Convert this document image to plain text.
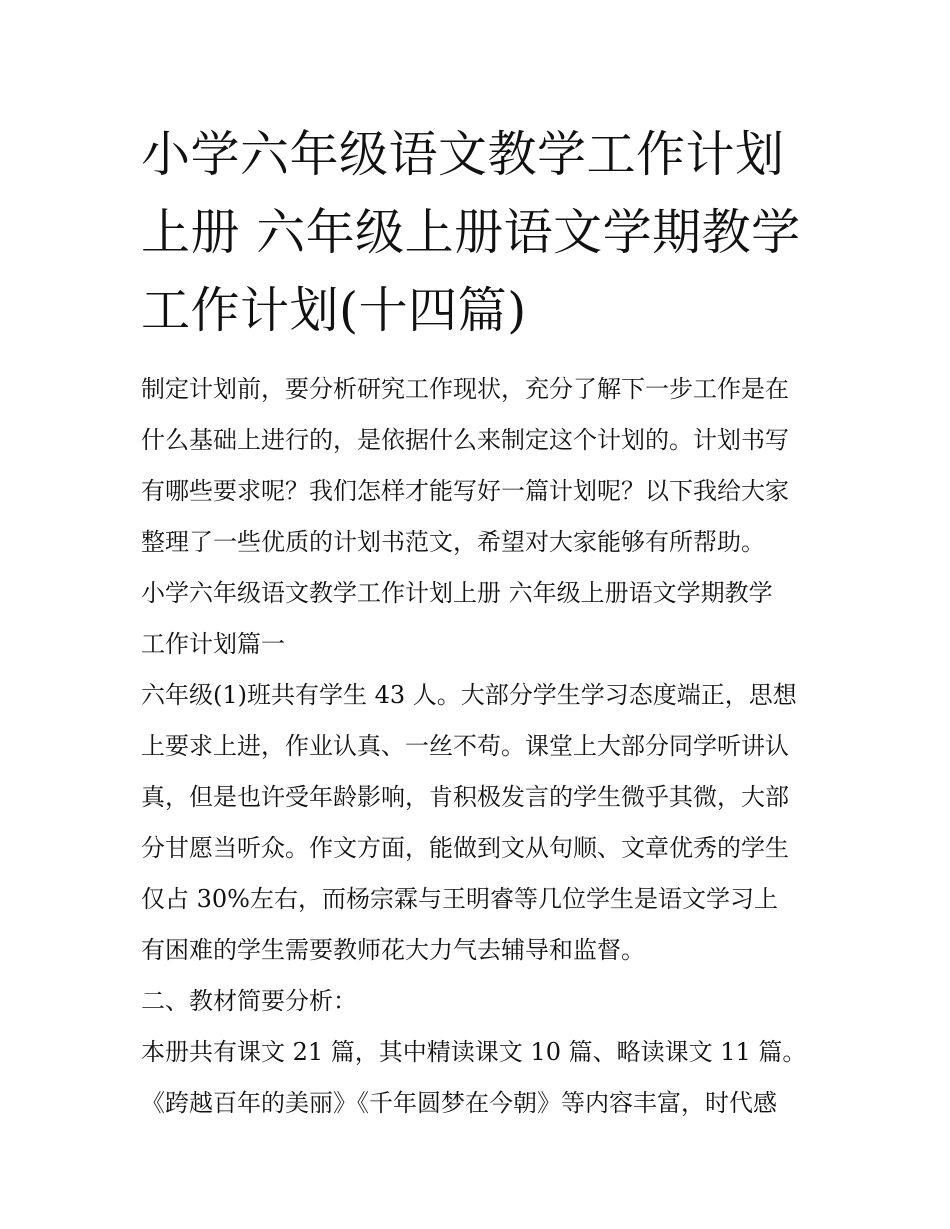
小学六年级语文教学工作计划
上册 六年级上册语文学期教学
工作计划(十四篇)
制定计划前，要分析研究工作现状，充分了解下一步工作是在
什么基础上进行的，是依据什么来制定这个计划的。计划书写
有哪些要求呢？我们怎样才能写好一篇计划呢？以下我给大家
整理了一些优质的计划书范文，希望对大家能够有所帮助。
小学六年级语文教学工作计划上册 六年级上册语文学期教学
工作计划篇一
六年级(1)班共有学生 43 人。大部分学生学习态度端正，思想
上要求上进，作业认真、一丝不苟。课堂上大部分同学听讲认
真，但是也许受年龄影响，肯积极发言的学生微乎其微，大部
分甘愿当听众。作文方面，能做到文从句顺、文章优秀的学生
仅占 30%左右，而杨宗霖与王明睿等几位学生是语文学习上
有困难的学生需要教师花大力气去辅导和监督。
二、教材简要分析：
本册共有课文 21 篇，其中精读课文 10 篇、略读课文 11 篇。
《跨越百年的美丽》《千年圆梦在今朝》等内容丰富，时代感
